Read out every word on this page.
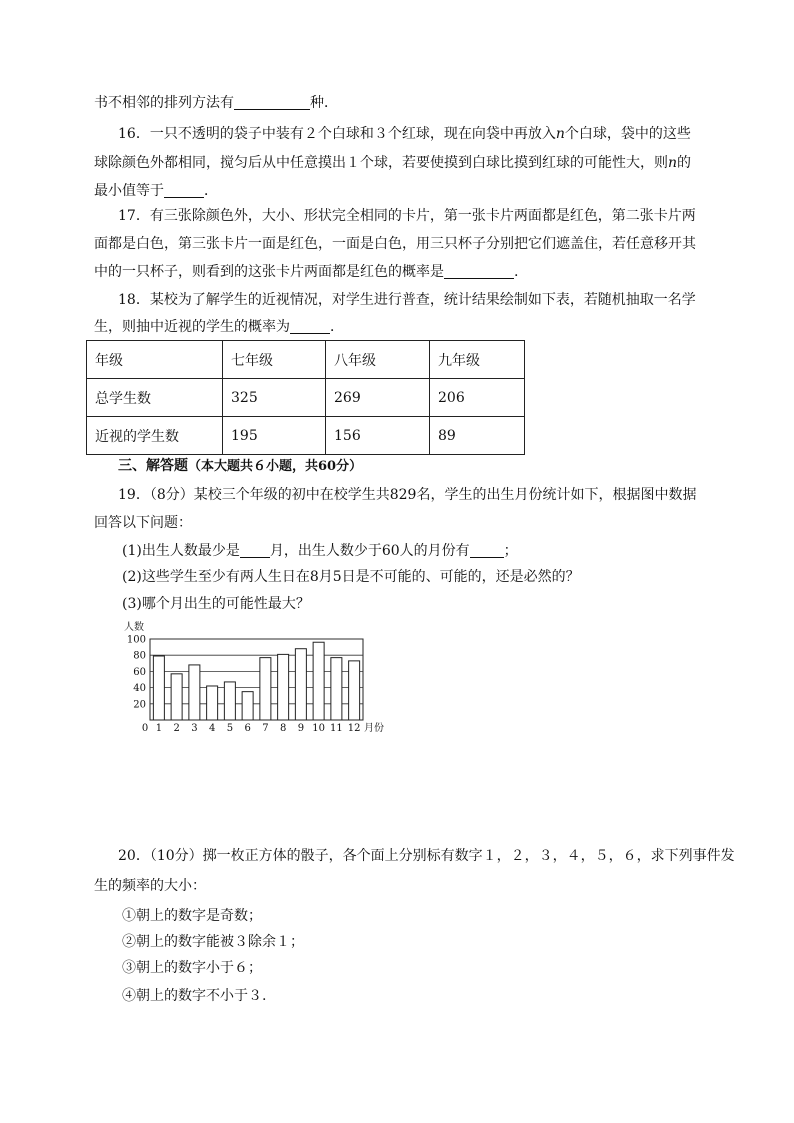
书不相邻的排列方法有	种．
16．一只不透明的袋子中装有２个白球和３个红球，现在向袋中再放入n个白球，袋中的这些
球除颜色外都相同，搅匀后从中任意摸出１个球，若要使摸到白球比摸到红球的可能性大，则n的
最小值等于	．
17．有三张除颜色外，大小、形状完全相同的卡片，第一张卡片两面都是红色，第二张卡片两
面都是白色，第三张卡片一面是红色，一面是白色，用三只杯子分别把它们遮盖住，若任意移开其
中的一只杯子，则看到的这张卡片两面都是红色的概率是	.
18．某校为了解学生的近视情况，对学生进行普查，统计结果绘制如下表，若随机抽取一名学
生，则抽中近视的学生的概率为	．
年级	七年级	八年级	九年级
总学生数	325	269	206
近视的学生数	195	156	89
三、解答题（本大题共６小题，共60分）
19．（8分）某校三个年级的初中在校学生共829名，学生的出生月份统计如下，根据图中数据
回答以下问题：
(1)出生人数最少是 月，出生人数少于60人的月份有 ；
(2)这些学生至少有两人生日在8月5日是不可能的、可能的，还是必然的？
(3)哪个月出生的可能性最大？
人数
月份
0
20
40
60
80
100
1 2 3 4 5 6 7 8 9 10 11 12
20．（10分）掷一枚正方体的骰子，各个面上分别标有数字１，２，３，４，５，６，求下列事件发
生的频率的大小：
①朝上的数字是奇数；
②朝上的数字能被３除余１；
③朝上的数字小于６；
④朝上的数字不小于３.
